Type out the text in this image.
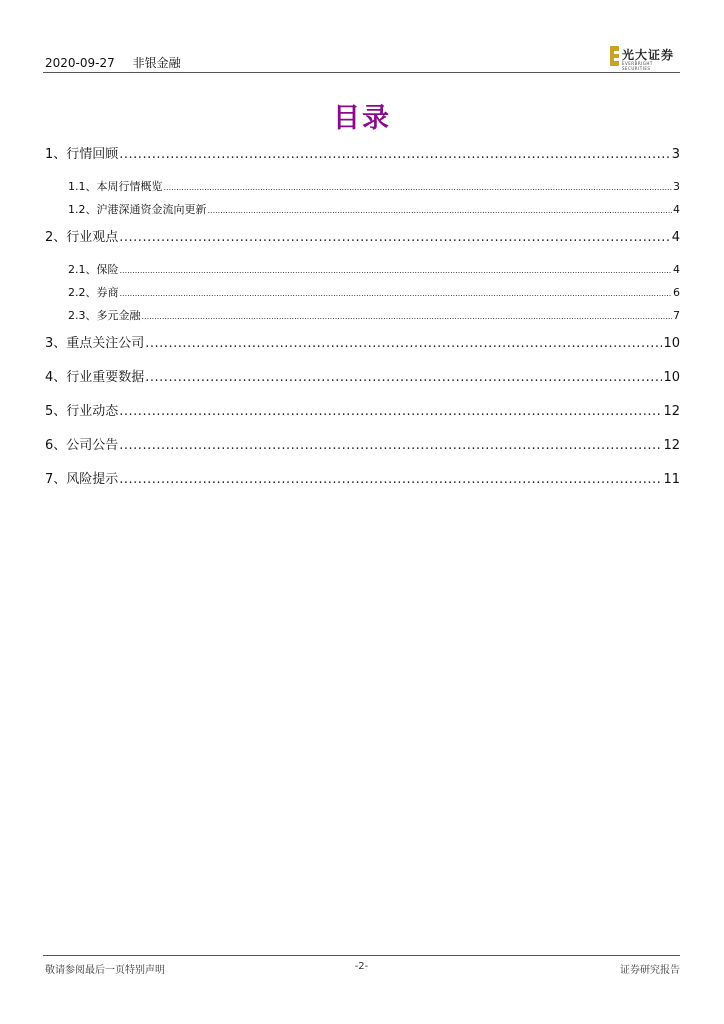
2020-09-27 非银金融
光大证券
EVERBRIGHT SECURITIES
目录
1、行情回顾 .....	3
1.1、本周行情概览 .....	3
1.2、沪港深通资金流向更新 .....	4
2、行业观点 .....	4
2.1、保险 .....	4
2.2、券商 .....	6
2.3、多元金融 .....	7
3、重点关注公司 .....	10
4、行业重要数据 .....	10
5、行业动态 .....	12
6、公司公告 .....	12
7、风险提示 .....	11
敬请参阅最后一页特别声明	-2-	证券研究报告
